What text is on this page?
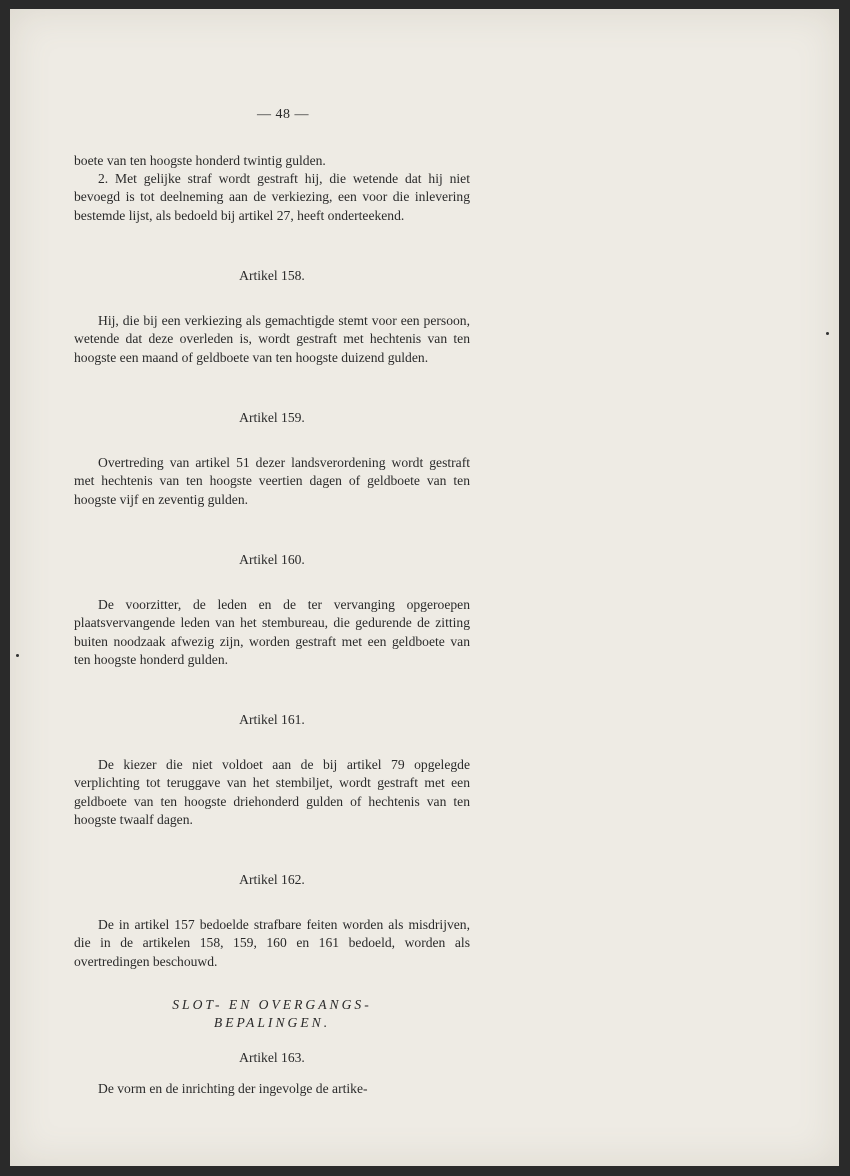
— 48 —
boete van ten hoogste honderd twintig gulden.
2. Met gelijke straf wordt gestraft hij, die wetende dat hij niet bevoegd is tot deelneming aan de verkiezing, een voor die inlevering bestemde lijst, als bedoeld bij artikel 27, heeft onderteekend.
Artikel 158.
Hij, die bij een verkiezing als gemachtigde stemt voor een persoon, wetende dat deze overleden is, wordt gestraft met hechtenis van ten hoogste een maand of geldboete van ten hoogste duizend gulden.
Artikel 159.
Overtreding van artikel 51 dezer landsverordening wordt gestraft met hechtenis van ten hoogste veertien dagen of geldboete van ten hoogste vijf en zeventig gulden.
Artikel 160.
De voorzitter, de leden en de ter vervanging opgeroepen plaatsvervangende leden van het stembureau, die gedurende de zitting buiten noodzaak afwezig zijn, worden gestraft met een geldboete van ten hoogste honderd gulden.
Artikel 161.
De kiezer die niet voldoet aan de bij artikel 79 opgelegde verplichting tot teruggave van het stembiljet, wordt gestraft met een geldboete van ten hoogste driehonderd gulden of hechtenis van ten hoogste twaalf dagen.
Artikel 162.
De in artikel 157 bedoelde strafbare feiten worden als misdrijven, die in de artikelen 158, 159, 160 en 161 bedoeld, worden als overtredingen beschouwd.
SLOT- EN OVERGANGS-
BEPALINGEN.
Artikel 163.
De vorm en de inrichting der ingevolge de artike-
